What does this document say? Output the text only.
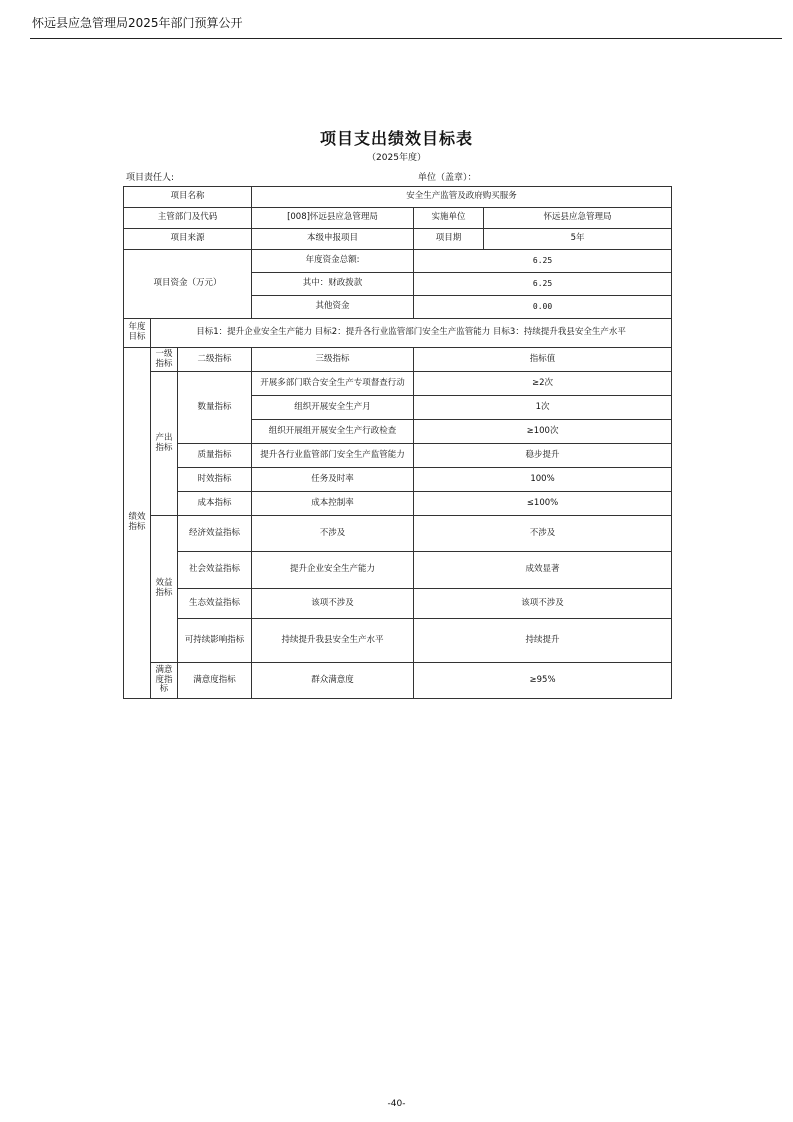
怀远县应急管理局2025年部门预算公开
项目支出绩效目标表
（2025年度）
项目责任人:	单位（盖章）：
项目名称			安全生产监管及政府购买服务		
主管部门及代码			[008]怀远县应急管理局	实施单位	怀远县应急管理局
项目来源			本级申报项目	项目期	5年
项目资金（万元）			年度资金总额:	6.25	
			其中：财政拨款	6.25	
			其他资金	0.00	
年度目标	目标1：提升企业安全生产能力 目标2：提升各行业监管部门安全生产监管能力 目标3：持续提升我县安全生产水平				
绩效指标	一级指标	二级指标	三级指标	指标值	
	产出指标	数量指标	开展多部门联合安全生产专项督查行动	≥2次	
			组织开展安全生产月	1次	
			组织开展组开展安全生产行政检查	≥100次	
		质量指标	提升各行业监管部门安全生产监管能力	稳步提升	
		时效指标	任务及时率	100%	
		成本指标	成本控制率	≤100%	
	效益指标	经济效益指标	不涉及	不涉及	
		社会效益指标	提升企业安全生产能力	成效显著	
		生态效益指标	该项不涉及	该项不涉及	
		可持续影响指标	持续提升我县安全生产水平	持续提升	
	满意度指标	满意度指标	群众满意度	≥95%	
-40-
